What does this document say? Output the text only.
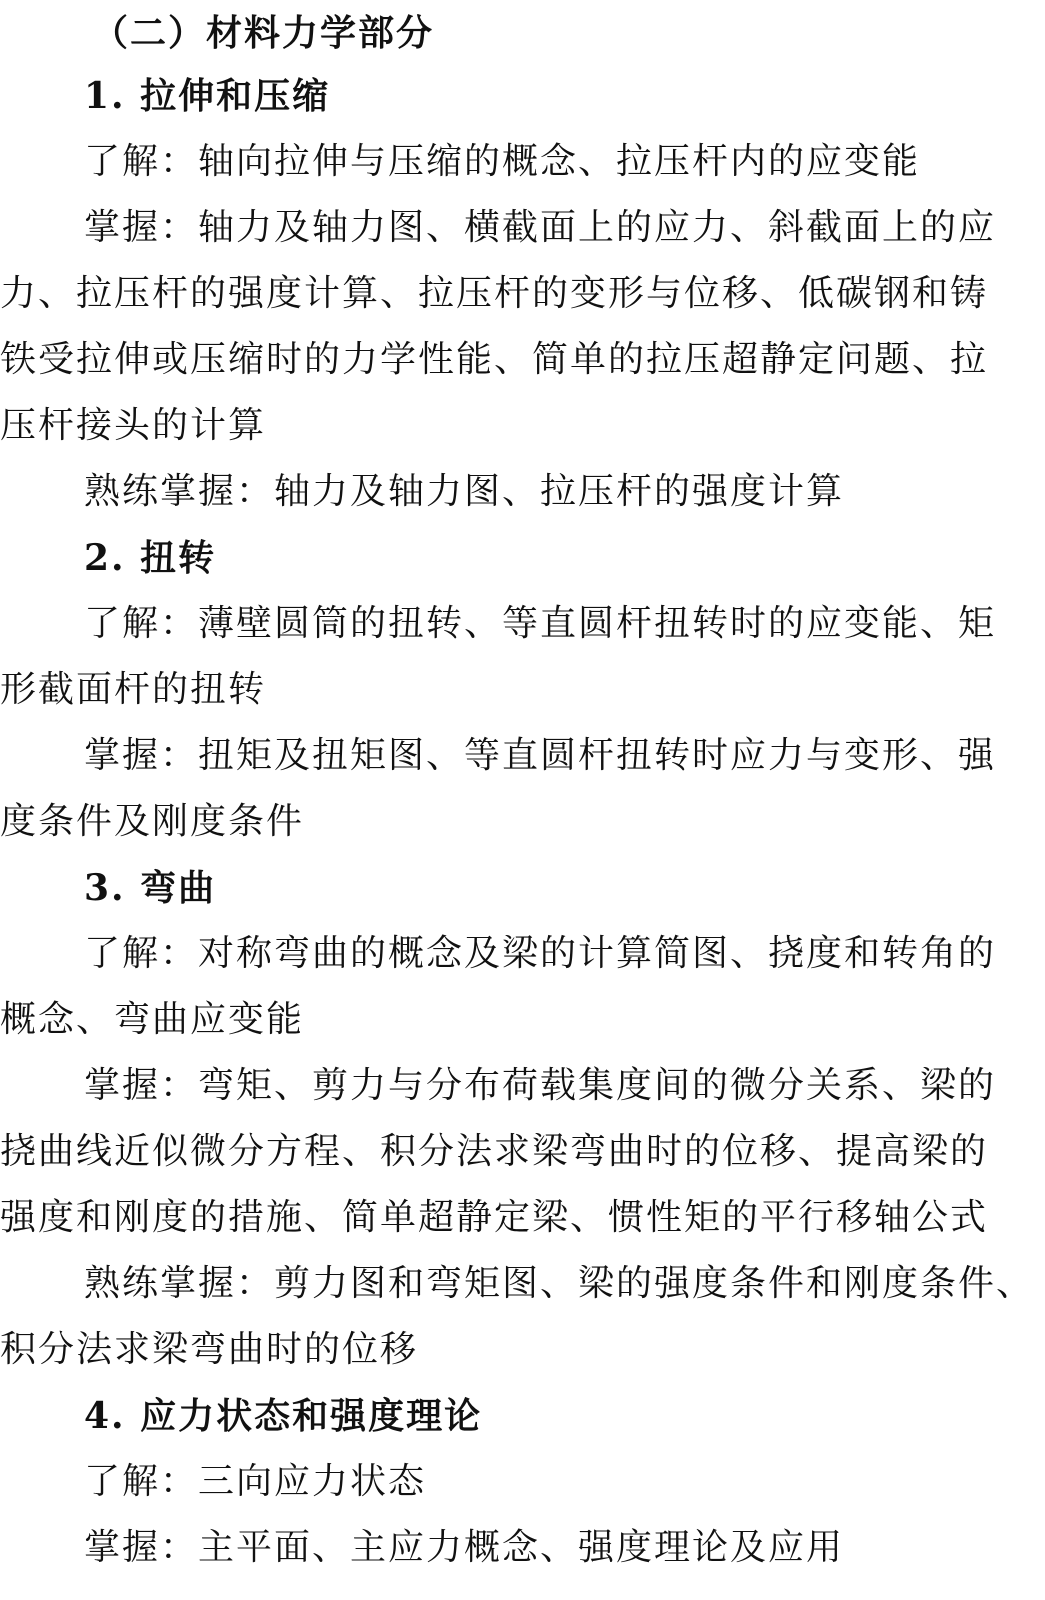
（二）材料力学部分
1. 拉伸和压缩
了解：轴向拉伸与压缩的概念、拉压杆内的应变能
掌握：轴力及轴力图、横截面上的应力、斜截面上的应
力、拉压杆的强度计算、拉压杆的变形与位移、低碳钢和铸
铁受拉伸或压缩时的力学性能、简单的拉压超静定问题、拉
压杆接头的计算
熟练掌握：轴力及轴力图、拉压杆的强度计算
2. 扭转
了解：薄壁圆筒的扭转、等直圆杆扭转时的应变能、矩
形截面杆的扭转
掌握：扭矩及扭矩图、等直圆杆扭转时应力与变形、强
度条件及刚度条件
3. 弯曲
了解：对称弯曲的概念及梁的计算简图、挠度和转角的
概念、弯曲应变能
掌握：弯矩、剪力与分布荷载集度间的微分关系、梁的
挠曲线近似微分方程、积分法求梁弯曲时的位移、提高梁的
强度和刚度的措施、简单超静定梁、惯性矩的平行移轴公式
熟练掌握：剪力图和弯矩图、梁的强度条件和刚度条件、
积分法求梁弯曲时的位移
4. 应力状态和强度理论
了解：三向应力状态
掌握：主平面、主应力概念、强度理论及应用
